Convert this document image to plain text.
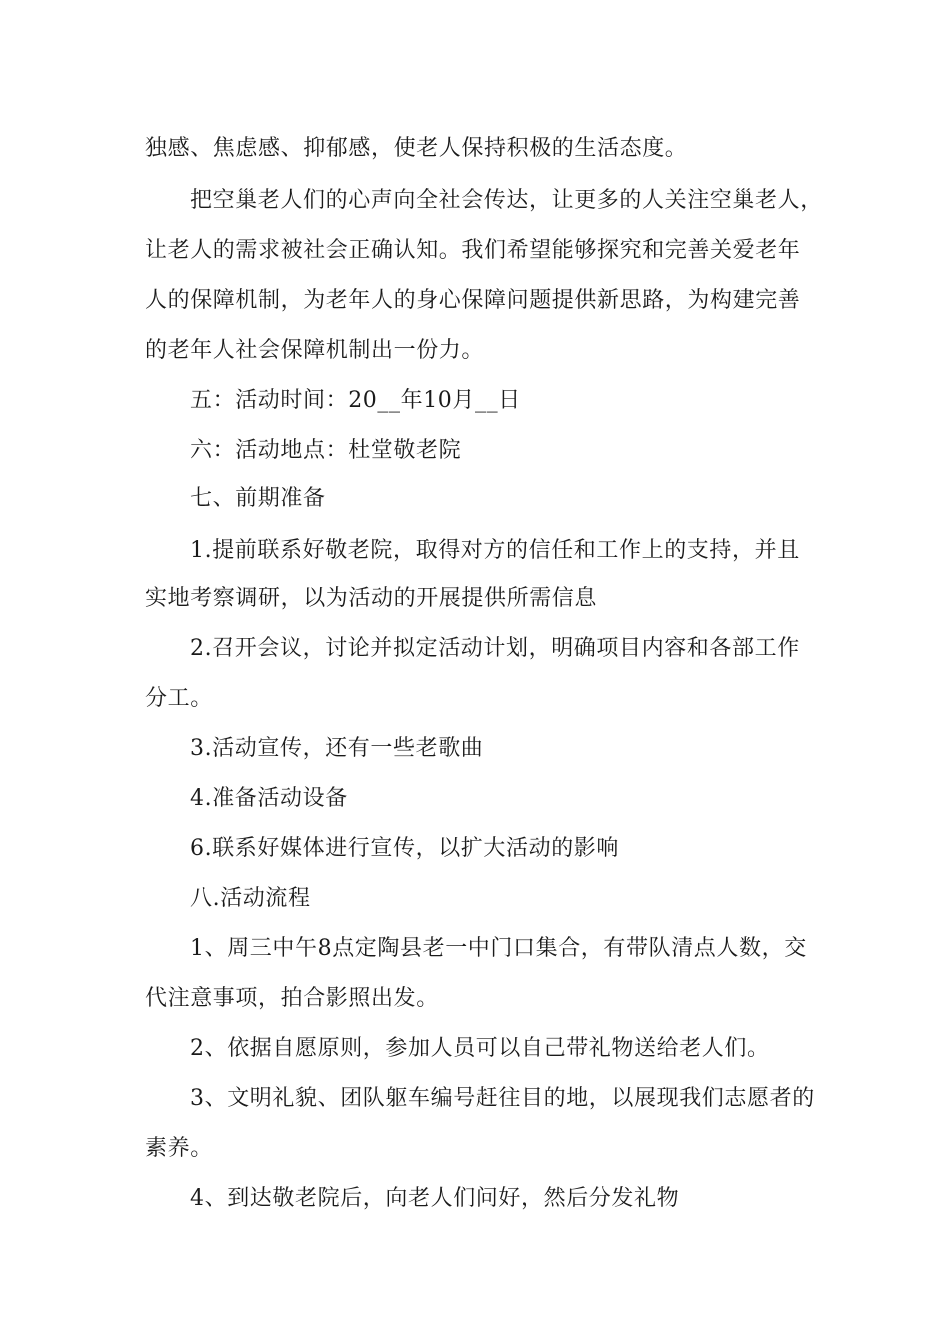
独感、焦虑感、抑郁感，使老人保持积极的生活态度。
把空巢老人们的心声向全社会传达，让更多的人关注空巢老人，
让老人的需求被社会正确认知。我们希望能够探究和完善关爱老年
人的保障机制，为老年人的身心保障问题提供新思路，为构建完善
的老年人社会保障机制出一份力。
五：活动时间：20__年10月__日
六：活动地点：杜堂敬老院
七、前期准备
1.提前联系好敬老院，取得对方的信任和工作上的支持，并且
实地考察调研，以为活动的开展提供所需信息
2.召开会议，讨论并拟定活动计划，明确项目内容和各部工作
分工。
3.活动宣传，还有一些老歌曲
4.准备活动设备
6.联系好媒体进行宣传，以扩大活动的影响
八.活动流程
1、周三中午8点定陶县老一中门口集合，有带队清点人数，交
代注意事项，拍合影照出发。
2、依据自愿原则，参加人员可以自己带礼物送给老人们。
3、文明礼貌、团队躯车编号赶往目的地，以展现我们志愿者的
素养。
4、到达敬老院后，向老人们问好，然后分发礼物
